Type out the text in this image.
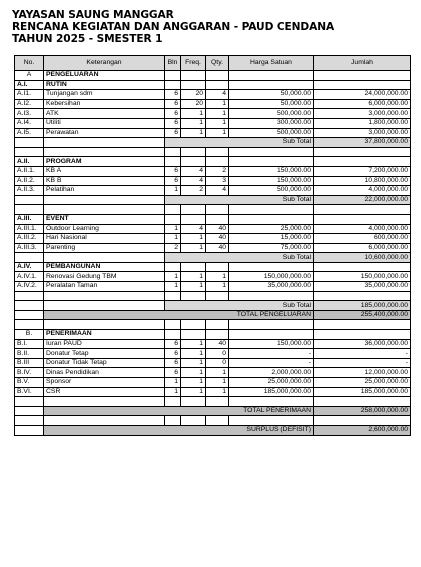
YAYASAN SAUNG MANGGAR
RENCANA KEGIATAN DAN ANGGARAN - PAUD CENDANA
TAHUN 2025 - SMESTER 1
No.	Keterangan	Bln	Freq.	Qty.	Harga Satuan	Jumlah
A	PENGELUARAN					
A.I.	RUTIN					
A.I1.	Tunjangan sdm	6	20	4	50,000.00	24,000,000.00
A.I2.	Kebersihan	6	20	1	50,000.00	6,000,000.00
A.I3.	ATK	6	1	1	500,000.00	3,000,000.00
A.I4.	Utiliti	6	1	1	300,000.00	1,800,000.00
A.I5.	Perawatan	6	1	1	500,000.00	3,000,000.00
		Sub Total				37,800,000.00

A.II.	PROGRAM					
A.II.1.	KB A	6	4	2	150,000.00	7,200,000.00
A.II.2.	KB B	6	4	3	150,000.00	10,800,000.00
A.II.3.	Pelatihan	1	2	4	500,000.00	4,000,000.00
		Sub Total				22,000,000.00

A.III.	EVENT					
A.III.1.	Outdoor Learning	1	4	40	25,000.00	4,000,000.00
A.III.2.	Hari Nasional	1	1	40	15,000.00	600,000.00
A.III.3.	Parenting	2	1	40	75,000.00	6,000,000.00
		Sub Total				10,600,000.00
A.IV.	PEMBANGUNAN					
A.IV.1.	Renovasi Gedung TBM	1	1	1	150,000,000.00	150,000,000.00
A.IV.2.	Peralatan Taman	1	1	1	35,000,000.00	35,000,000.00

		Sub Total				185,000,000.00
	TOTAL PENGELUARAN					255,400,000.00

B.	PENERIMAAN					
B.I.	Iuran PAUD	6	1	40	150,000.00	36,000,000.00
B.II.	Donatur Tetap	6	1	0	-	-
B.III	Donatur Tidak Tetap	6	1	0	-	-
B.IV.	Dinas Pendidikan	6	1	1	2,000,000.00	12,000,000.00
B.V.	Sponsor	1	1	1	25,000,000.00	25,000,000.00
B.VI.	CSR	1	1	1	185,000,000.00	185,000,000.00

	TOTAL PENERIMAAN					258,000,000.00

	SURPLUS (DEFISIT)					2,600,000.00
